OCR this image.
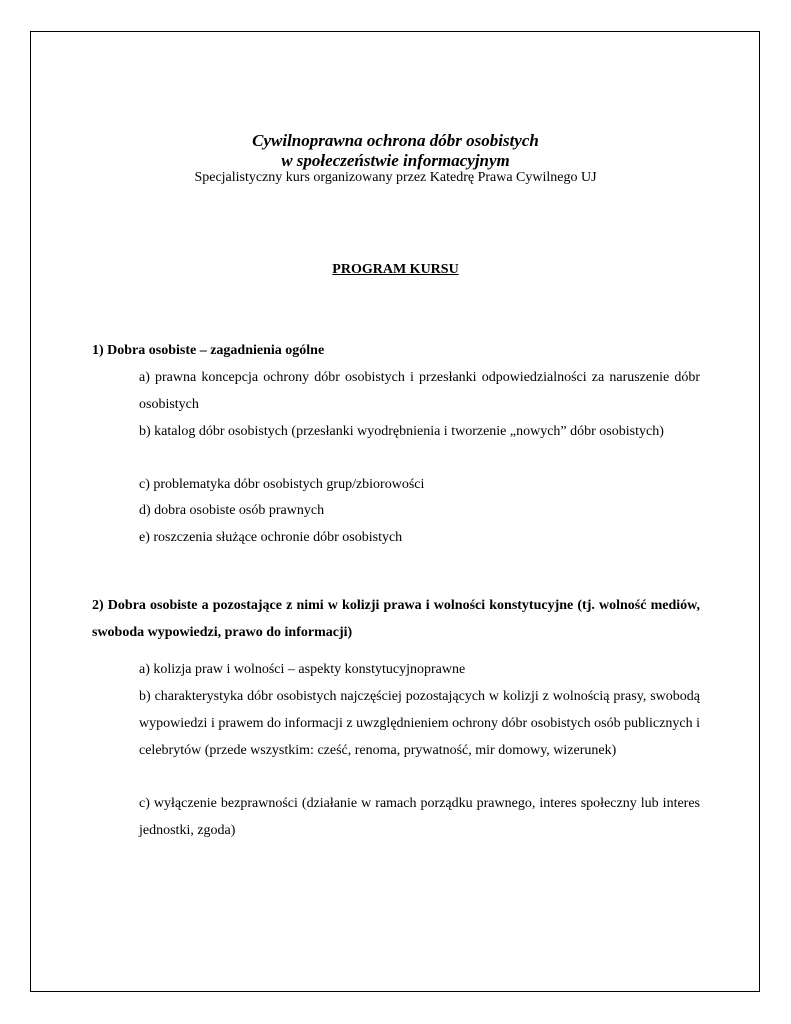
Cywilnoprawna ochrona dóbr osobistych
w społeczeństwie informacyjnym
Specjalistyczny kurs organizowany przez Katedrę Prawa Cywilnego UJ
PROGRAM KURSU
1) Dobra osobiste – zagadnienia ogólne
a) prawna koncepcja ochrony dóbr osobistych i przesłanki odpowiedzialności za naruszenie dóbr osobistych
b) katalog dóbr osobistych (przesłanki wyodrębnienia i tworzenie „nowych” dóbr osobistych)
c) problematyka dóbr osobistych grup/zbiorowości
d) dobra osobiste osób prawnych
e) roszczenia służące ochronie dóbr osobistych
2) Dobra osobiste a pozostające z nimi w kolizji prawa i wolności konstytucyjne (tj. wolność mediów, swoboda wypowiedzi, prawo do informacji)
a) kolizja praw i wolności – aspekty konstytucyjnoprawne
b) charakterystyka dóbr osobistych najczęściej pozostających w kolizji z wolnością prasy, swobodą wypowiedzi i prawem do informacji z uwzględnieniem ochrony dóbr osobistych osób publicznych i celebrytów (przede wszystkim: cześć, renoma, prywatność, mir domowy, wizerunek)
c) wyłączenie bezprawności (działanie w ramach porządku prawnego, interes społeczny lub interes jednostki, zgoda)
